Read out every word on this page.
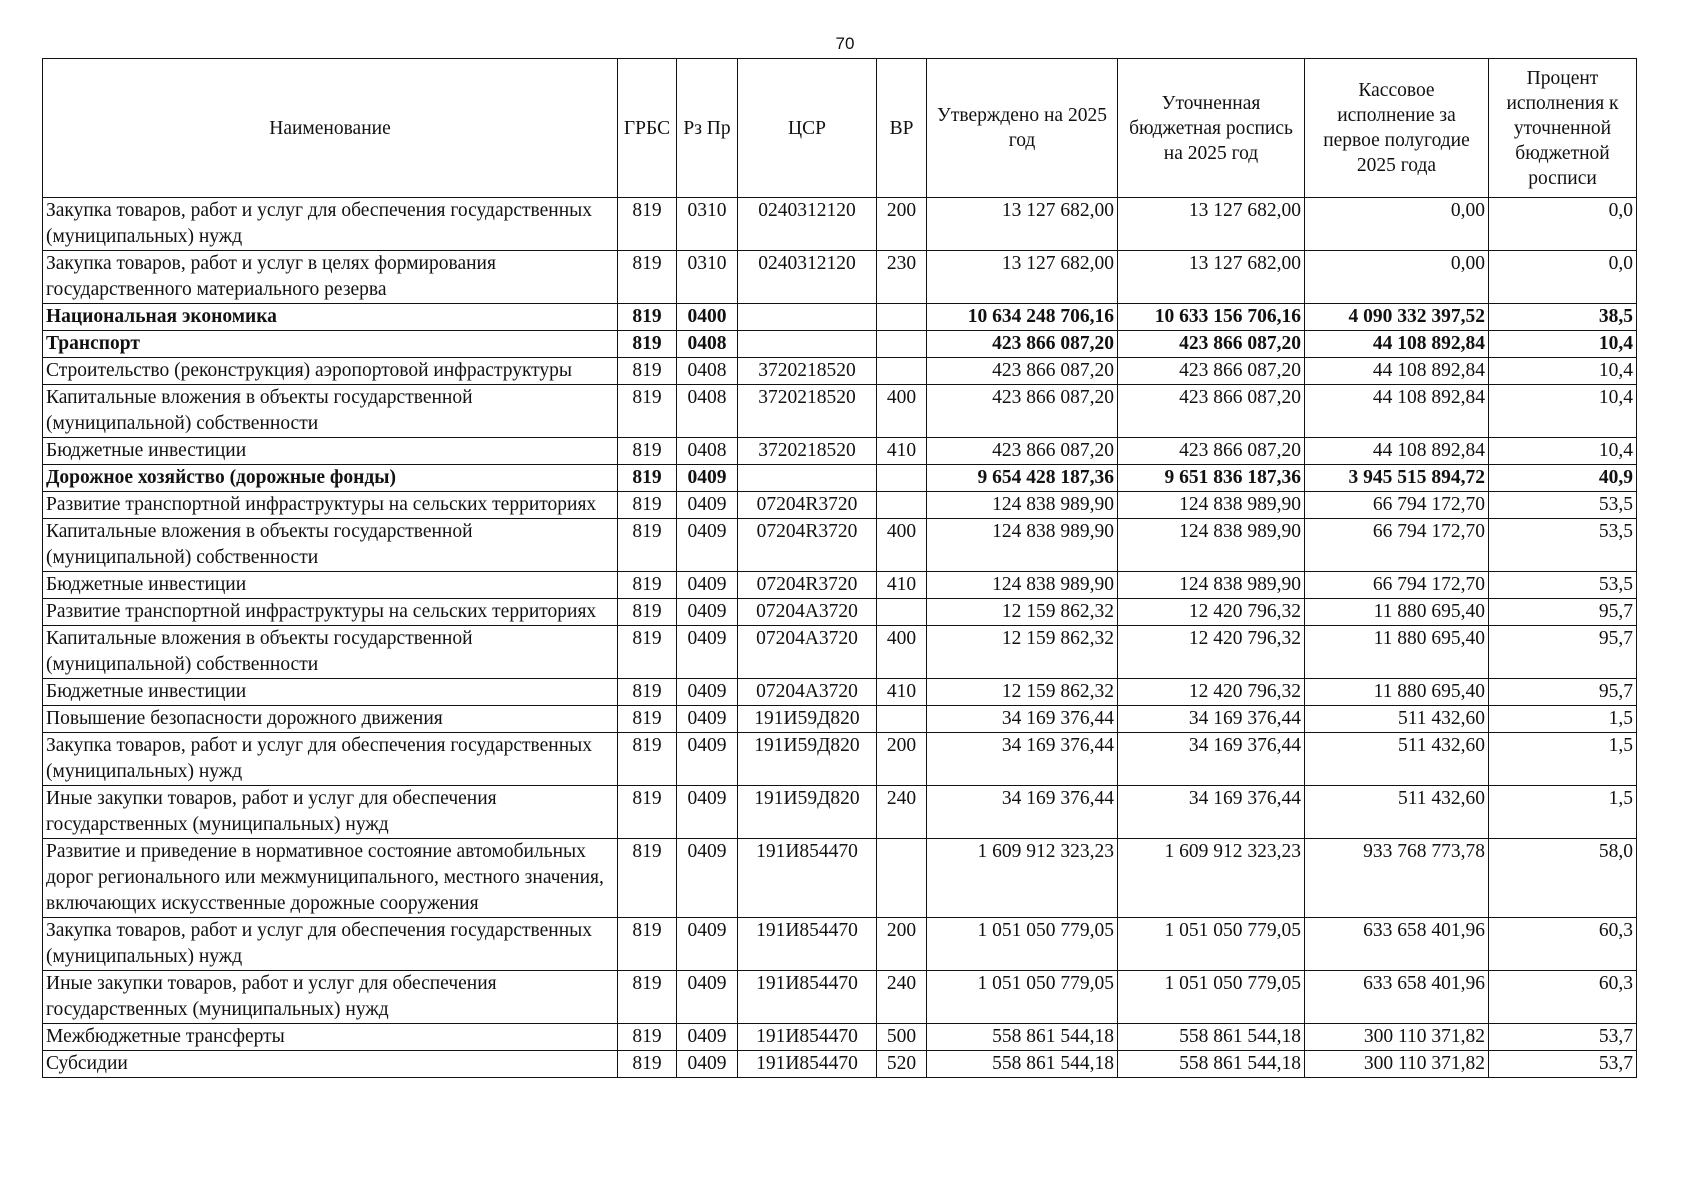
70
Наименование	ГРБС	Рз Пр	ЦСР	ВР	Утверждено на 2025 год	Уточненная бюджетная роспись на 2025 год	Кассовое исполнение за первое полугодие 2025 года	Процент исполнения к уточненной бюджетной росписи
Закупка товаров, работ и услуг для обеспечения государственных (муниципальных) нужд	819	0310	0240312120	200	13 127 682,00	13 127 682,00	0,00	0,0
Закупка товаров, работ и услуг в целях формирования государственного материального резерва	819	0310	0240312120	230	13 127 682,00	13 127 682,00	0,00	0,0
Национальная экономика	819	0400			10 634 248 706,16	10 633 156 706,16	4 090 332 397,52	38,5
Транспорт	819	0408			423 866 087,20	423 866 087,20	44 108 892,84	10,4
Строительство (реконструкция) аэропортовой инфраструктуры	819	0408	3720218520		423 866 087,20	423 866 087,20	44 108 892,84	10,4
Капитальные вложения в объекты государственной (муниципальной) собственности	819	0408	3720218520	400	423 866 087,20	423 866 087,20	44 108 892,84	10,4
Бюджетные инвестиции	819	0408	3720218520	410	423 866 087,20	423 866 087,20	44 108 892,84	10,4
Дорожное хозяйство (дорожные фонды)	819	0409			9 654 428 187,36	9 651 836 187,36	3 945 515 894,72	40,9
Развитие транспортной инфраструктуры на сельских территориях	819	0409	07204R3720		124 838 989,90	124 838 989,90	66 794 172,70	53,5
Капитальные вложения в объекты государственной (муниципальной) собственности	819	0409	07204R3720	400	124 838 989,90	124 838 989,90	66 794 172,70	53,5
Бюджетные инвестиции	819	0409	07204R3720	410	124 838 989,90	124 838 989,90	66 794 172,70	53,5
Развитие транспортной инфраструктуры на сельских территориях	819	0409	07204А3720		12 159 862,32	12 420 796,32	11 880 695,40	95,7
Капитальные вложения в объекты государственной (муниципальной) собственности	819	0409	07204А3720	400	12 159 862,32	12 420 796,32	11 880 695,40	95,7
Бюджетные инвестиции	819	0409	07204А3720	410	12 159 862,32	12 420 796,32	11 880 695,40	95,7
Повышение безопасности дорожного движения	819	0409	191И59Д820		34 169 376,44	34 169 376,44	511 432,60	1,5
Закупка товаров, работ и услуг для обеспечения государственных (муниципальных) нужд	819	0409	191И59Д820	200	34 169 376,44	34 169 376,44	511 432,60	1,5
Иные закупки товаров, работ и услуг для обеспечения государственных (муниципальных) нужд	819	0409	191И59Д820	240	34 169 376,44	34 169 376,44	511 432,60	1,5
Развитие и приведение в нормативное состояние автомобильных дорог регионального или межмуниципального, местного значения, включающих искусственные дорожные сооружения	819	0409	191И854470		1 609 912 323,23	1 609 912 323,23	933 768 773,78	58,0
Закупка товаров, работ и услуг для обеспечения государственных (муниципальных) нужд	819	0409	191И854470	200	1 051 050 779,05	1 051 050 779,05	633 658 401,96	60,3
Иные закупки товаров, работ и услуг для обеспечения государственных (муниципальных) нужд	819	0409	191И854470	240	1 051 050 779,05	1 051 050 779,05	633 658 401,96	60,3
Межбюджетные трансферты	819	0409	191И854470	500	558 861 544,18	558 861 544,18	300 110 371,82	53,7
Субсидии	819	0409	191И854470	520	558 861 544,18	558 861 544,18	300 110 371,82	53,7
